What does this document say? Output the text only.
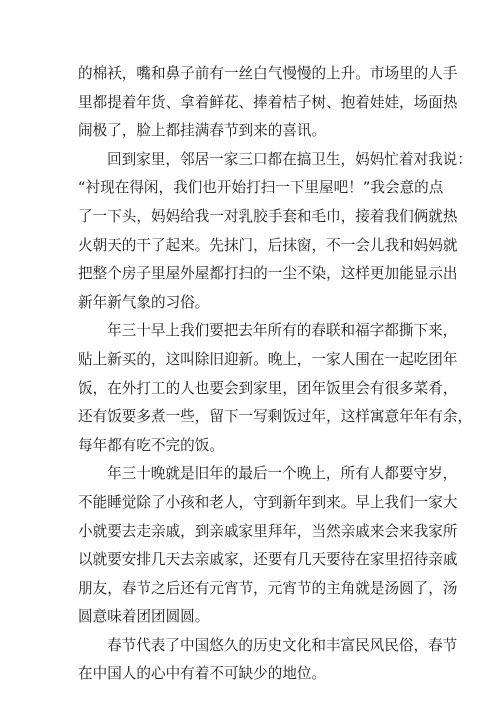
的棉袄，嘴和鼻子前有一丝白气慢慢的上升。市场里的人手
里都提着年货、拿着鲜花、捧着桔子树、抱着娃娃，场面热
闹极了，脸上都挂满春节到来的喜讯。
回到家里，邻居一家三口都在搞卫生，妈妈忙着对我说：
“衬现在得闲，我们也开始打扫一下里屋吧！”我会意的点
了一下头，妈妈给我一对乳胶手套和毛巾，接着我们俩就热
火朝天的干了起来。先抹门，后抹窗，不一会儿我和妈妈就
把整个房子里屋外屋都打扫的一尘不染，这样更加能显示出
新年新气象的习俗。
年三十早上我们要把去年所有的春联和福字都撕下来，
贴上新买的，这叫除旧迎新。晚上，一家人围在一起吃团年
饭，在外打工的人也要会到家里，团年饭里会有很多菜肴，
还有饭要多煮一些，留下一写剩饭过年，这样寓意年年有余，
每年都有吃不完的饭。
年三十晚就是旧年的最后一个晚上，所有人都要守岁，
不能睡觉除了小孩和老人，守到新年到来。早上我们一家大
小就要去走亲戚，到亲戚家里拜年，当然亲戚来会来我家所
以就要安排几天去亲戚家，还要有几天要待在家里招待亲戚
朋友，春节之后还有元宵节，元宵节的主角就是汤圆了，汤
圆意味着团团圆圆。
春节代表了中国悠久的历史文化和丰富民风民俗，春节
在中国人的心中有着不可缺少的地位。
